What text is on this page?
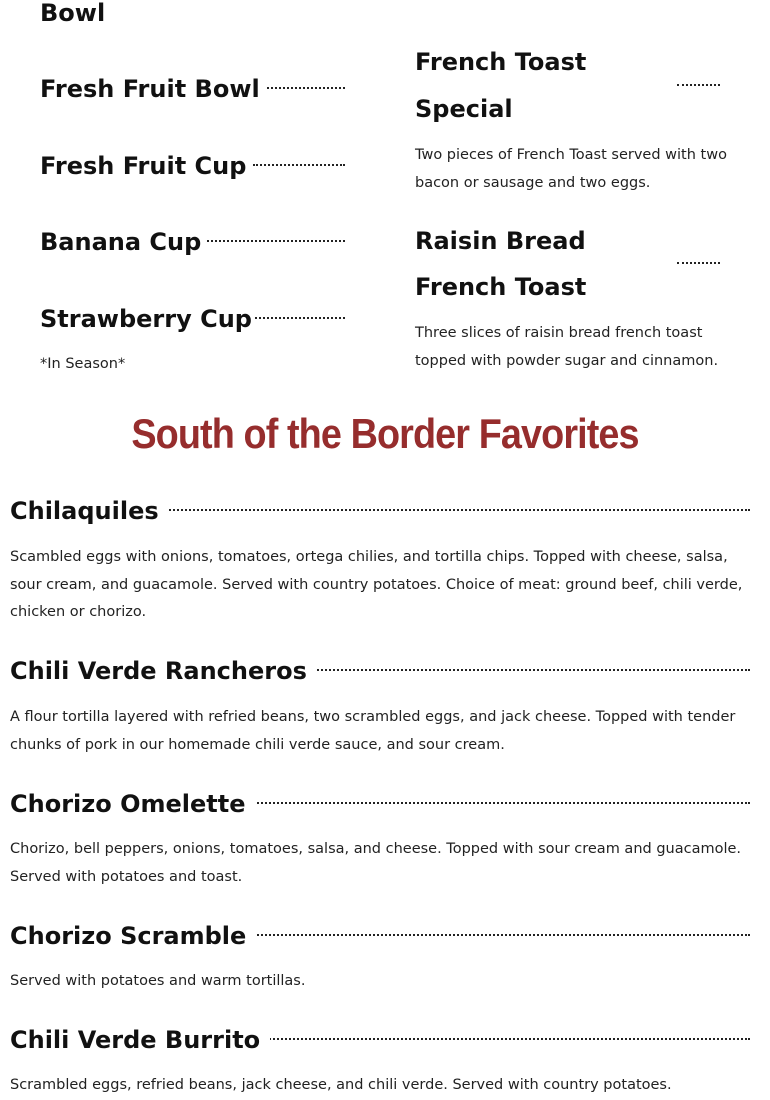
Bowl
Fresh Fruit Bowl
Fresh Fruit Cup
Banana Cup
Strawberry Cup
*In Season*
French Toast
Special
Two pieces of French Toast served with two bacon or sausage and two eggs.
Raisin Bread
French Toast
Three slices of raisin bread french toast topped with powder sugar and cinnamon.
South of the Border Favorites
Chilaquiles
Scambled eggs with onions, tomatoes, ortega chilies, and tortilla chips. Topped with cheese, salsa, sour cream, and guacamole. Served with country potatoes. Choice of meat: ground beef, chili verde, chicken or chorizo.
Chili Verde Rancheros
A flour tortilla layered with refried beans, two scrambled eggs, and jack cheese. Topped with tender chunks of pork in our homemade chili verde sauce, and sour cream.
Chorizo Omelette
Chorizo, bell peppers, onions, tomatoes, salsa, and cheese. Topped with sour cream and guacamole. Served with potatoes and toast.
Chorizo Scramble
Served with potatoes and warm tortillas.
Chili Verde Burrito
Scrambled eggs, refried beans, jack cheese, and chili verde. Served with country potatoes.
